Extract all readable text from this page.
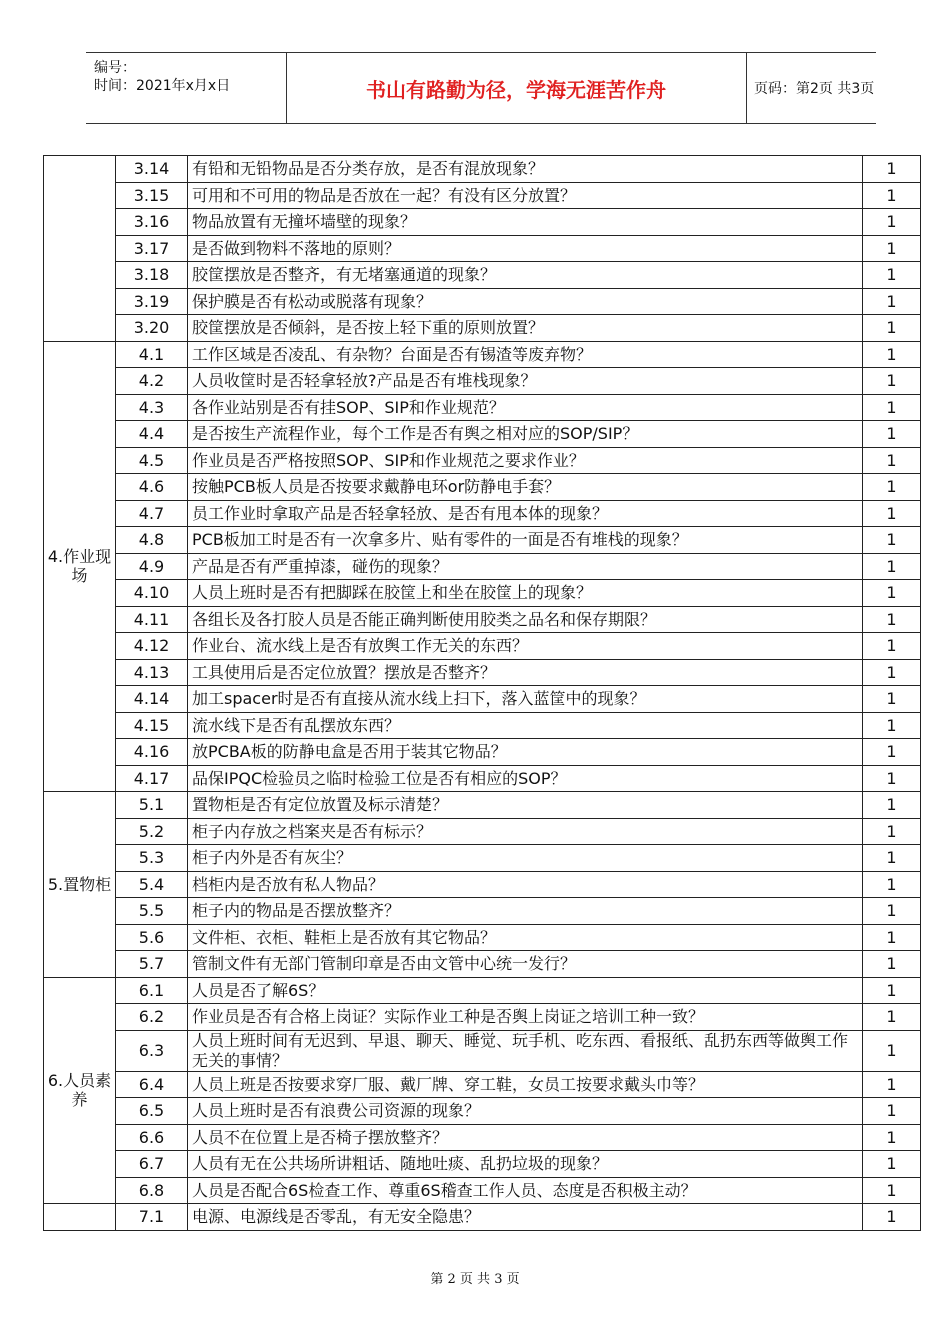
编号：
时间：2021年x月x日	书山有路勤为径，学海无涯苦作舟	页码：第2页 共3页
	3.14	有铅和无铅物品是否分类存放，是否有混放现象？	1
	3.15	可用和不可用的物品是否放在一起？有没有区分放置？	1
	3.16	物品放置有无撞坏墙壁的现象？	1
	3.17	是否做到物料不落地的原则？	1
	3.18	胶筐摆放是否整齐，有无堵塞通道的现象？	1
	3.19	保护膜是否有松动或脱落有现象？	1
	3.20	胶筐摆放是否倾斜，是否按上轻下重的原则放置？	1
4.作业现场	4.1	工作区域是否凌乱、有杂物？台面是否有锡渣等废弃物？	1
	4.2	人员收筐时是否轻拿轻放?产品是否有堆栈现象？	1
	4.3	各作业站别是否有挂SOP、SIP和作业规范？	1
	4.4	是否按生产流程作业，每个工作是否有舆之相对应的SOP/SIP？	1
	4.5	作业员是否严格按照SOP、SIP和作业规范之要求作业？	1
	4.6	按触PCB板人员是否按要求戴静电环or防静电手套？	1
	4.7	员工作业时拿取产品是否轻拿轻放、是否有甩本体的现象？	1
	4.8	PCB板加工时是否有一次拿多片、贴有零件的一面是否有堆栈的现象？	1
	4.9	产品是否有严重掉漆，碰伤的现象？	1
	4.10	人员上班时是否有把脚踩在胶筐上和坐在胶筐上的现象？	1
	4.11	各组长及各打胶人员是否能正确判断使用胶类之品名和保存期限？	1
	4.12	作业台、流水线上是否有放舆工作无关的东西？	1
	4.13	工具使用后是否定位放置？摆放是否整齐？	1
	4.14	加工spacer时是否有直接从流水线上扫下，落入蓝筐中的现象？	1
	4.15	流水线下是否有乱摆放东西？	1
	4.16	放PCBA板的防静电盒是否用于装其它物品？	1
	4.17	品保IPQC检验员之临时检验工位是否有相应的SOP？	1
5.置物柜	5.1	置物柜是否有定位放置及标示清楚？	1
	5.2	柜子内存放之档案夹是否有标示？	1
	5.3	柜子内外是否有灰尘？	1
	5.4	档柜内是否放有私人物品？	1
	5.5	柜子内的物品是否摆放整齐？	1
	5.6	文件柜、衣柜、鞋柜上是否放有其它物品？	1
	5.7	管制文件有无部门管制印章是否由文管中心统一发行？	1
6.人员素养	6.1	人员是否了解6S？	1
	6.2	作业员是否有合格上岗证？实际作业工种是否舆上岗证之培训工种一致？	1
	6.3	人员上班时间有无迟到、早退、聊天、睡觉、玩手机、吃东西、看报纸、乱扔东西等做舆工作无关的事情？	1
	6.4	人员上班是否按要求穿厂服、戴厂牌、穿工鞋，女员工按要求戴头巾等？	1
	6.5	人员上班时是否有浪费公司资源的现象？	1
	6.6	人员不在位置上是否椅子摆放整齐？	1
	6.7	人员有无在公共场所讲粗话、随地吐痰、乱扔垃圾的现象？	1
	6.8	人员是否配合6S检查工作、尊重6S稽查工作人员、态度是否积极主动？	1
	7.1	电源、电源线是否零乱，有无安全隐患？	1
第 2 页 共 3 页
